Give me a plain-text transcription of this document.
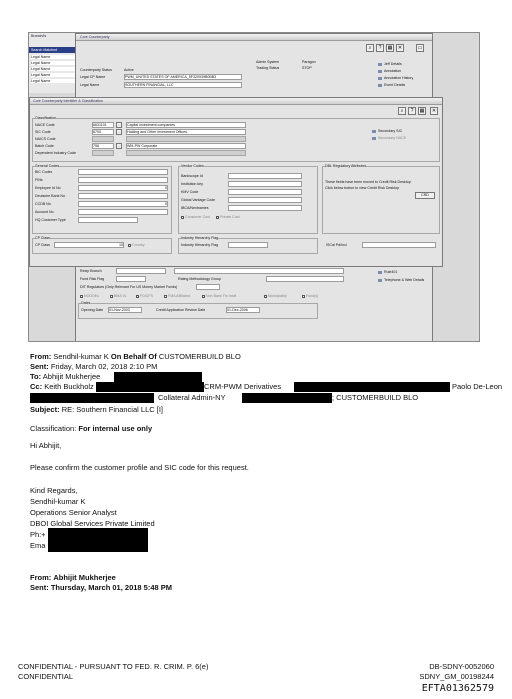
Branch/Is
Search Matched
Legal Name
Legal Name
Legal Name
Legal Name
Legal Name
Core Counterparty
⌕	?	▦	✕	▭
Counterparty Status	Active
Legal CP Name	PWM_UNITED STATES OF AMERICA_5F320939B0BB3
Legal Name	SOUTHERN FINANCIAL, LLC
Admin System	Paragon
Trading Status	STOP
Jeff Details
Annotation
Annotation History
Event Details
Core Counterparty Identifier & Classification
⌕	?	▦	✕
Classification
NACE Code	6631101	…	Capital investment companies
SIC Code	6700	…	Holding and Other Investment Offices
NAICS Code
Batch Code	756	…	WM-PW Corporate
Dependent Industry Code
Secondary SIC
Secondary NACE
General Codes
BIC Codes
FINs
Employee Id No	0
Deutsche Bank No
CCDB No	0
Account No
HQ Customer Type
Vendor Codes
Bankscope Id
Institution key
KMV Code
Global Vantage Code
IBCA/Nextnames
Consumer Cust	Private Cust
DBL Regulatory Attributes
These fields have been moved to Credit Risk Desktop
Click below button to view Credit Risk Desktop
CRD
CP Class
CP Class	15	Country
Industry Hierarchy Flag
Industry Hierarchy Flag	ISCal Pd/Incl
Recip Branch
Fund Risk Flag	Rating Methodology Group
DIT Regulators (Only Relevant For US Money Market Funds)
Rule401
Telephone & Web Details
NOODEs	BMA VL	FDICFS	FMA Affiliated	Non Bank Fin Instit	Municipality	Fund(s)
Dates
Opening Date 01-Nov-2003	Credit Application Review Date	01-Dec-2006
From: Sendhil-kumar K On Behalf Of CUSTOMERBUILD BLO
Sent: Friday, March 02, 2018 2:10 PM
To: Abhijit Mukherjee
Cc: Keith Buckholz	CRM-PWM Derivatives	Paolo De-Leon
Collateral Admin-NY	; CUSTOMERBUILD BLO
Subject: RE: Southern Financial LLC [I]
Classification: For internal use only
Hi Abhijit,
Please confirm the customer profile and SIC code for this request.
Kind Regards,
Sendhil-kumar K
Operations Senior Analyst
DBOI Global Services Private Limited
Ph:+
Ema
From: Abhijit Mukherjee
Sent: Thursday, March 01, 2018 5:48 PM
CONFIDENTIAL - PURSUANT TO FED. R. CRIM. P. 6(e)
CONFIDENTIAL
DB-SDNY-0052060
SDNY_GM_00198244
EFTA01362579
